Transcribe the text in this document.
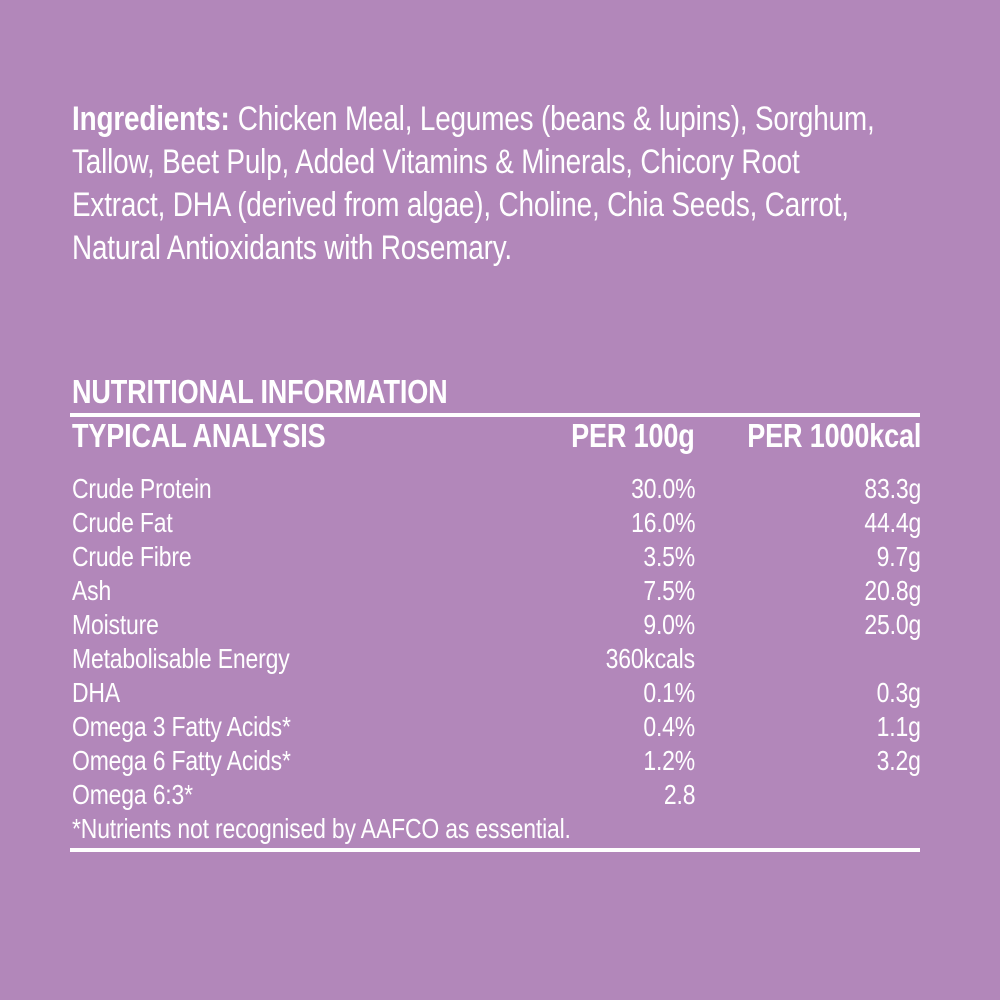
Ingredients: Chicken Meal, Legumes (beans & lupins), Sorghum, Tallow, Beet Pulp, Added Vitamins & Minerals, Chicory Root Extract, DHA (derived from algae), Choline, Chia Seeds, Carrot, Natural Antioxidants with Rosemary.
NUTRITIONAL INFORMATION
TYPICAL ANALYSIS	PER 100g	PER 1000kcal
Crude Protein	30.0%	83.3g
Crude Fat	16.0%	44.4g
Crude Fibre	3.5%	9.7g
Ash	7.5%	20.8g
Moisture	9.0%	25.0g
Metabolisable Energy	360kcals
DHA	0.1%	0.3g
Omega 3 Fatty Acids*	0.4%	1.1g
Omega 6 Fatty Acids*	1.2%	3.2g
Omega 6:3*	2.8
*Nutrients not recognised by AAFCO as essential.
